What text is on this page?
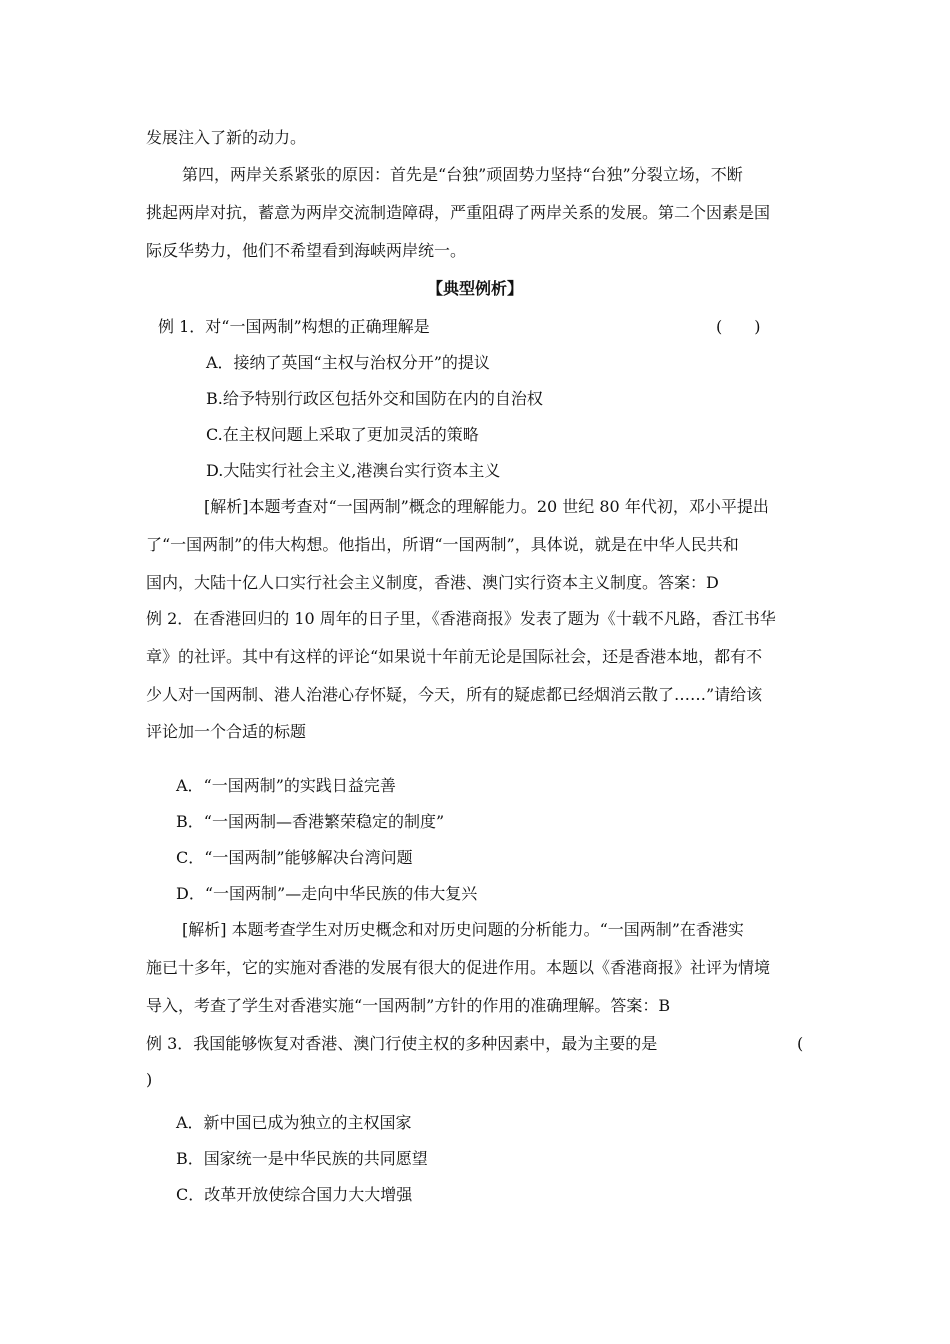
发展注入了新的动力。
第四，两岸关系紧张的原因：首先是“台独”顽固势力坚持“台独”分裂立场，不断
挑起两岸对抗，蓄意为两岸交流制造障碍，严重阻碍了两岸关系的发展。第二个因素是国
际反华势力，他们不希望看到海峡两岸统一。
【典型例析】
例 1．对“一国两制”构想的正确理解是	(　　)
A．接纳了英国“主权与治权分开”的提议
B.给予特别行政区包括外交和国防在内的自治权
C.在主权问题上采取了更加灵活的策略
D.大陆实行社会主义,港澳台实行资本主义
[解析]本题考查对“一国两制”概念的理解能力。20 世纪 80 年代初，邓小平提出
了“一国两制”的伟大构想。他指出，所谓“一国两制”，具体说，就是在中华人民共和
国内，大陆十亿人口实行社会主义制度，香港、澳门实行资本主义制度。答案：D
例 2．在香港回归的 10 周年的日子里，《香港商报》发表了题为《十载不凡路，香江书华
章》的社评。其中有这样的评论“如果说十年前无论是国际社会，还是香港本地，都有不
少人对一国两制、港人治港心存怀疑，今天，所有的疑虑都已经烟消云散了……”请给该
评论加一个合适的标题
A．“一国两制”的实践日益完善
B．“一国两制—香港繁荣稳定的制度”
C．“一国两制”能够解决台湾问题
D．“一国两制”—走向中华民族的伟大复兴
[解析] 本题考查学生对历史概念和对历史问题的分析能力。“一国两制”在香港实
施已十多年，它的实施对香港的发展有很大的促进作用。本题以《香港商报》社评为情境
导入，考查了学生对香港实施“一国两制”方针的作用的准确理解。答案：B
例 3．我国能够恢复对香港、澳门行使主权的多种因素中，最为主要的是	(
)
A．新中国已成为独立的主权国家
B．国家统一是中华民族的共同愿望
C．改革开放使综合国力大大增强
